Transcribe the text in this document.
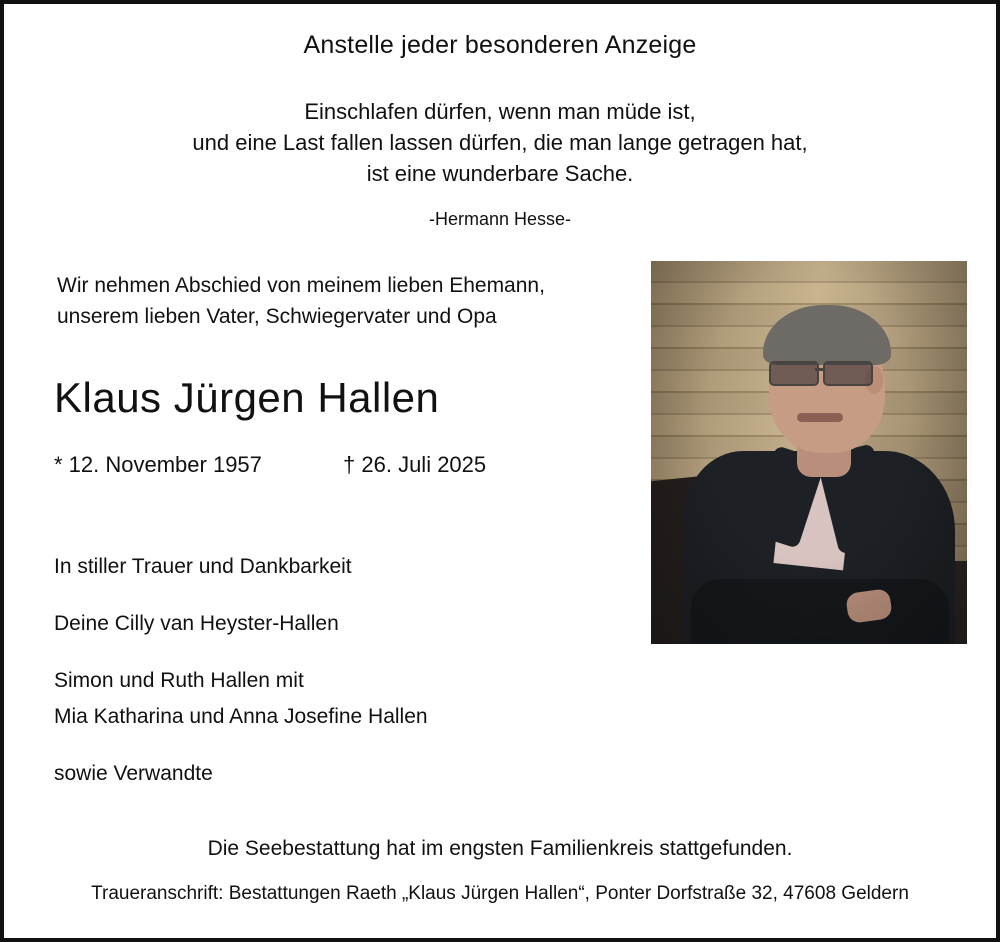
Anstelle jeder besonderen Anzeige
Einschlafen dürfen, wenn man müde ist,
und eine Last fallen lassen dürfen, die man lange getragen hat,
ist eine wunderbare Sache.
-Hermann Hesse-
Wir nehmen Abschied von meinem lieben Ehemann,
unserem lieben Vater, Schwiegervater und Opa
Klaus Jürgen Hallen
* 12. November 1957	† 26. Juli 2025
In stiller Trauer und Dankbarkeit
Deine Cilly van Heyster-Hallen
Simon und Ruth Hallen mit
Mia Katharina und Anna Josefine Hallen
sowie Verwandte
Die Seebestattung hat im engsten Familienkreis stattgefunden.
Traueranschrift: Bestattungen Raeth „Klaus Jürgen Hallen“, Ponter Dorfstraße 32, 47608 Geldern
